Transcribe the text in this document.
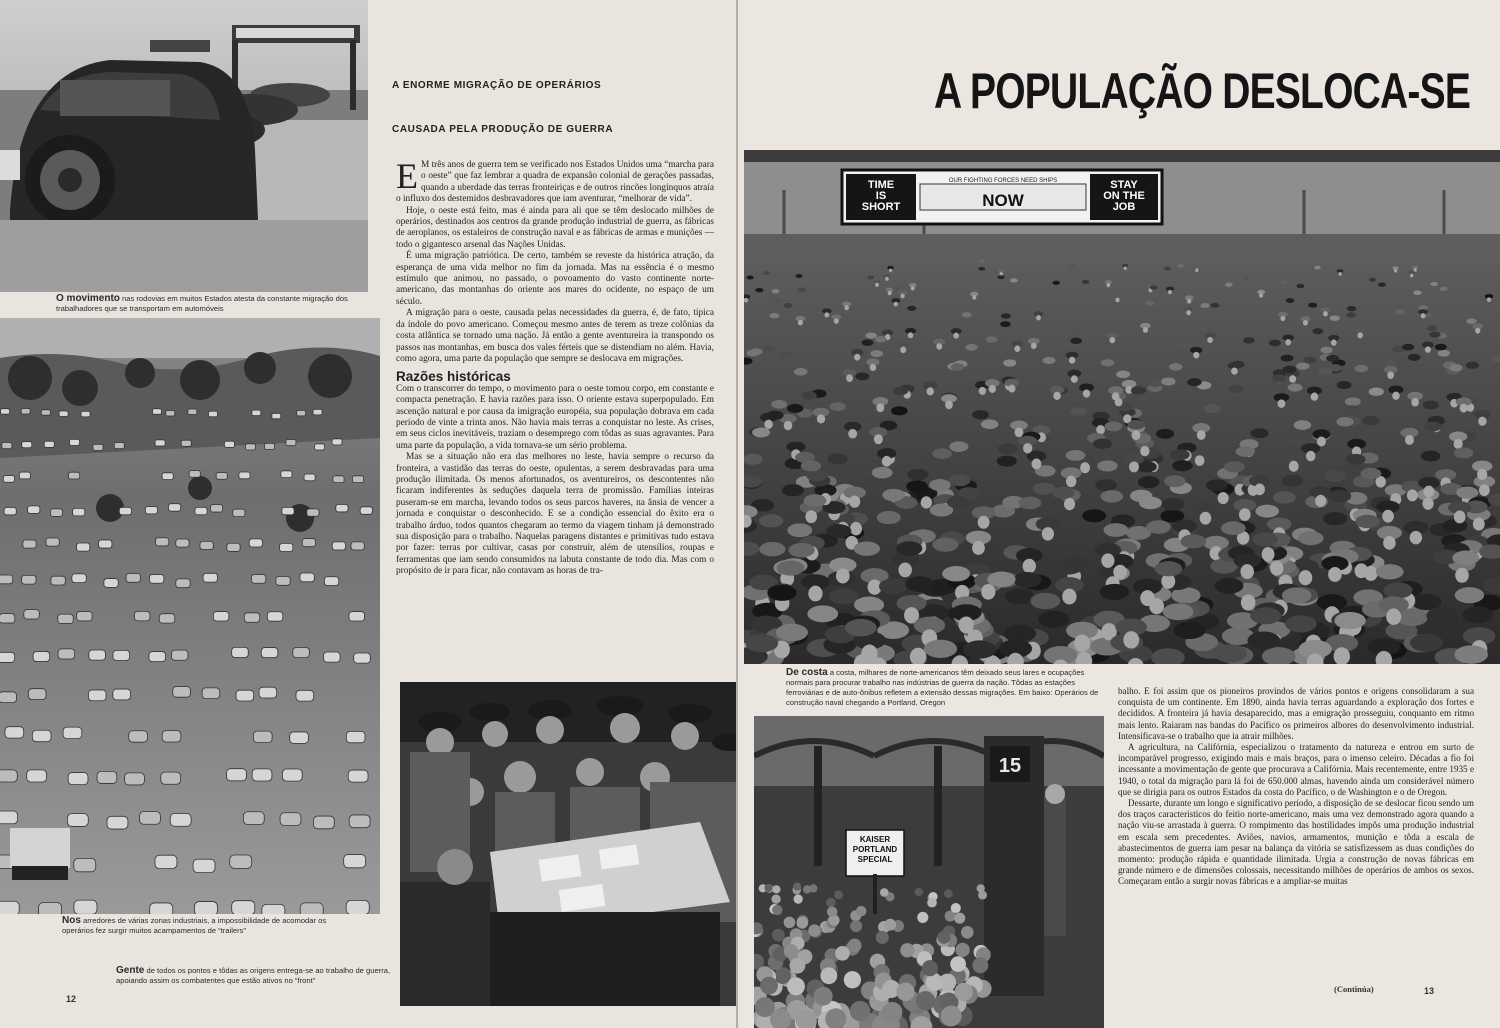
O movimento nas rodovias em muitos Estados atesta da constante migração dos trabalhadores que se transportam em automóveis
Nos arredores de várias zonas industriais, a impossibilidade de acomodar os operários fez surgir muitos acampamentos de “trailers”
Gente de todos os pontos e tôdas as origens entrega-se ao trabalho de guerra, apoiando assim os combatentes que estão ativos no “front”
12
A ENORME MIGRAÇÃO DE OPERÁRIOS
CAUSADA PELA PRODUÇÃO DE GUERRA

E M três anos de guerra tem se verificado nos Estados Unidos uma “marcha para o oeste” que faz lembrar a quadra de expansão colonial de gerações passadas, quando a uberdade das terras fronteiriças e de outros rincões longínquos atraía o influxo dos destemidos desbravadores que iam aventurar, “melhorar de vida”.

Hoje, o oeste está feito, mas é ainda para ali que se têm deslocado milhões de operários, destinados aos centros da grande produção industrial de guerra, as fábricas de aeroplanos, os estaleiros de construção naval e as fábricas de armas e munições — todo o gigantesco arsenal das Nações Unidas.

É uma migração patriótica. De certo, também se reveste da histórica atração, da esperança de uma vida melhor no fim da jornada. Mas na essência é o mesmo estímulo que animou, no passado, o povoamento do vasto continente norte-americano, das montanhas do oriente aos mares do ocidente, no espaço de um século.

A migração para o oeste, causada pelas necessidades da guerra, é, de fato, típica da índole do povo americano. Começou mesmo antes de terem as treze colônias da costa atlântica se tornado uma nação. Já então a gente aventureira ia transpondo os passos nas montanhas, em busca dos vales férteis que se distendiam no além. Havia, como agora, uma parte da população que sempre se deslocava em migrações.

Razões históricas

Com o transcorrer do tempo, o movimento para o oeste tomou corpo, em constante e compacta penetração. E havia razões para isso. O oriente estava superpopulado. Em ascenção natural e por causa da imigração européia, sua população dobrava em cada período de vinte a trinta anos. Não havia mais terras a conquistar no leste. As crises, em seus ciclos inevitáveis, traziam o desemprego com tôdas as suas agravantes. Para uma parte da população, a vida tornava-se um sério problema.

Mas se a situação não era das melhores no leste, havia sempre o recurso da fronteira, a vastidão das terras do oeste, opulentas, a serem desbravadas para uma produção ilimitada. Os menos afortunados, os aventureiros, os descontentes não ficaram indiferentes às seduções daquela terra de promissão. Famílias inteiras puseram-se em marcha, levando todos os seus parcos haveres, na ânsia de vencer a jornada e conquistar o desconhecido. E se a condição essencial do êxito era o trabalho árduo, todos quantos chegaram ao termo da viagem tinham já demonstrado sua disposição para o trabalho. Naquelas paragens distantes e primitivas tudo estava por fazer: terras por cultivar, casas por construir, além de utensílios, roupas e ferramentas que iam sendo consumidos na labuta constante de todo dia. Mas com o propósito de ir para ficar, não contavam as horas de tra-

A POPULAÇÃO DESLOCA-SE
TIME IS SHORT
STAY ON THE JOB
OUR FIGHTING FORCES NEED SHIPS
NOW
De costa a costa, milhares de norte-americanos têm deixado seus lares e ocupações normais para procurar trabalho nas indústrias de guerra da nação. Tôdas as estações ferroviárias e de auto-ônibus refletem a extensão dessas migrações. Em baixo: Operários de construção naval chegando a Portland, Oregon
15
KAISER PORTLAND SPECIAL

balho. E foi assim que os pioneiros provindos de vários pontos e origens consolidaram a sua conquista de um continente. Em 1890, ainda havia terras aguardando a exploração dos fortes e decididos. A fronteira já havia desaparecido, mas a emigração prosseguiu, conquanto em ritmo mais lento. Raiaram nas bandas do Pacífico os primeiros albores do desenvolvimento industrial. Intensificava-se o trabalho que ia atrair milhões.

A agricultura, na Califórnia, especializou o tratamento da natureza e entrou em surto de incomparável progresso, exigindo mais e mais braços, para o imenso celeiro. Décadas a fio foi incessante a movimentação de gente que procurava a Califórnia. Mais recentemente, entre 1935 e 1940, o total da migração para lá foi de 650.000 almas, havendo ainda um considerável número que se dirigia para os outros Estados da costa do Pacífico, o de Washington e o de Oregon.

Dessarte, durante um longo e significativo período, a disposição de se deslocar ficou sendo um dos traços característicos do feitio norte-americano, mais uma vez demonstrado agora quando a nação viu-se arrastada à guerra. O rompimento das hostilidades impôs uma produção industrial em escala sem precedentes. Aviões, navios, armamentos, munição e tôda a escala de abastecimentos de guerra iam pesar na balança da vitória se satisfizessem as duas condições do momento: produção rápida e quantidade ilimitada. Urgia a construção de novas fábricas em grande número e de dimensões colossais, necessitando milhões de operários de ambos os sexos. Começaram então a surgir novas fábricas e a ampliar-se muitas

(Continúa)	13
